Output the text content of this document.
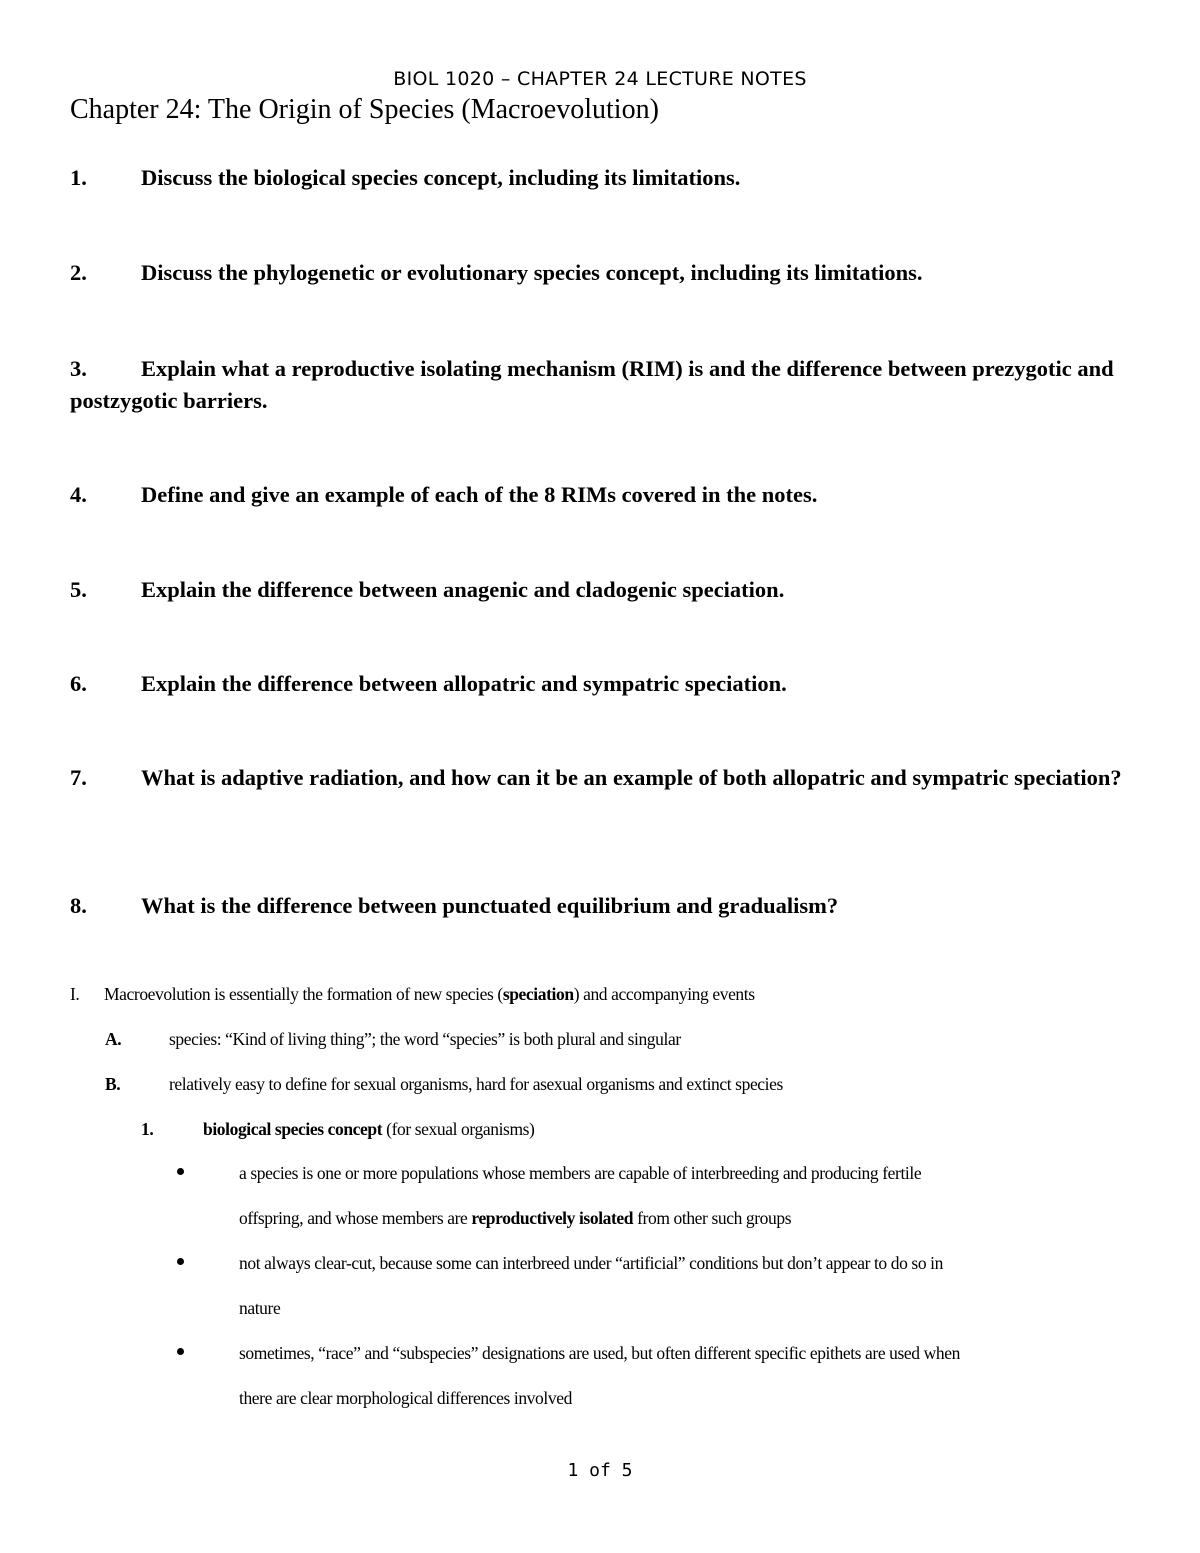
BIOL 1020 – CHAPTER 24 LECTURE NOTES
Chapter 24: The Origin of Species (Macroevolution)
1. Discuss the biological species concept, including its limitations.
2. Discuss the phylogenetic or evolutionary species concept, including its limitations.
3. Explain what a reproductive isolating mechanism (RIM) is and the difference between prezygotic and postzygotic barriers.
4. Define and give an example of each of the 8 RIMs covered in the notes.
5. Explain the difference between anagenic and cladogenic speciation.
6. Explain the difference between allopatric and sympatric speciation.
7. What is adaptive radiation, and how can it be an example of both allopatric and sympatric speciation?
8. What is the difference between punctuated equilibrium and gradualism?
I. Macroevolution is essentially the formation of new species (speciation) and accompanying events
A.	species: “Kind of living thing”; the word “species” is both plural and singular
B.	relatively easy to define for sexual organisms, hard for asexual organisms and extinct species
1.	biological species concept (for sexual organisms)
a species is one or more populations whose members are capable of interbreeding and producing fertile
offspring, and whose members are reproductively isolated from other such groups
not always clear-cut, because some can interbreed under “artificial” conditions but don’t appear to do so in
nature
sometimes, “race” and “subspecies” designations are used, but often different specific epithets are used when
there are clear morphological differences involved
1 of 5
